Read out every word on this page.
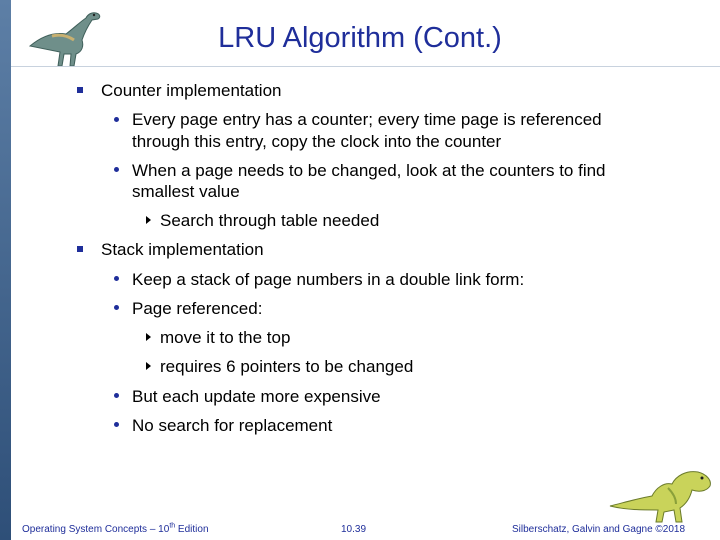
LRU Algorithm (Cont.)
Counter implementation
Every page entry has a counter; every time page is referenced
through this entry, copy the clock into the counter
When a page needs to be changed, look at the counters to find
smallest value
Search through table needed
Stack implementation
Keep a stack of page numbers in a double link form:
Page referenced:
move it to the top
requires 6 pointers to be changed
But each update more expensive
No search for replacement
Operating System Concepts – 10th Edition	10.39	Silberschatz, Galvin and Gagne ©2018
